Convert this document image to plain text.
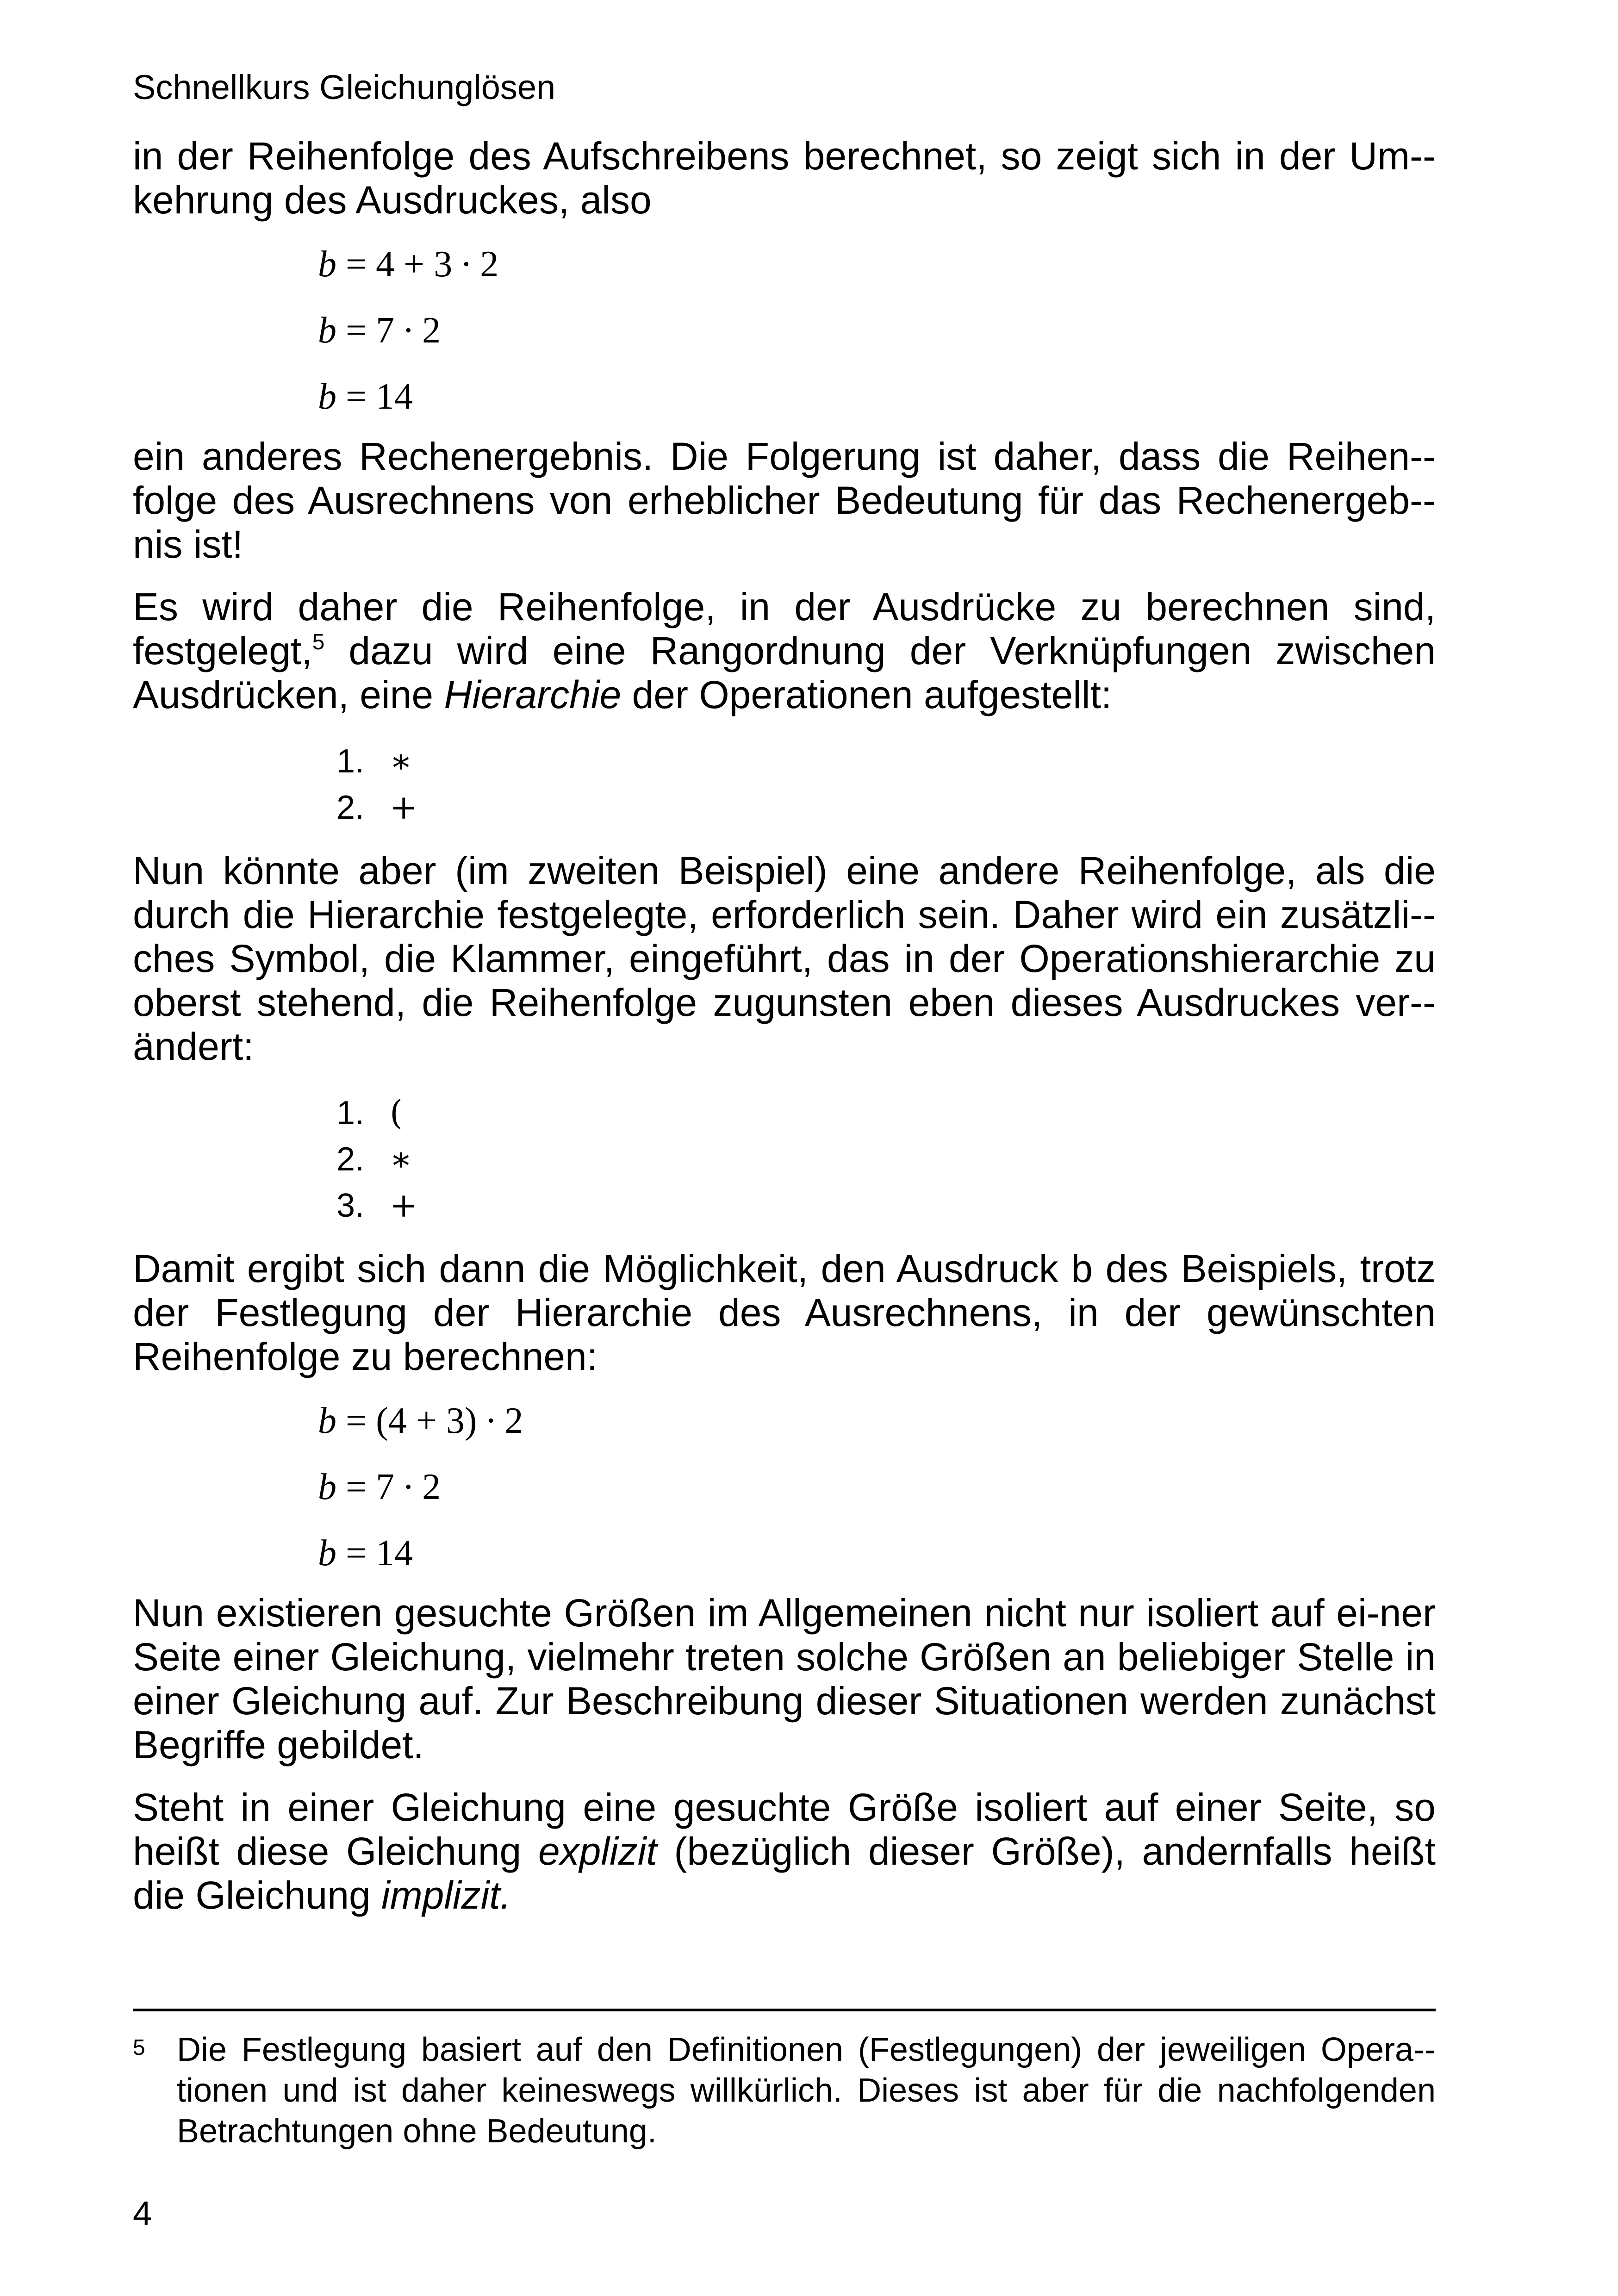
Schnellkurs Gleichunglösen

in der Reihenfolge des Aufschreibens berechnet, so zeigt sich in der Um-kehrung des Ausdruckes, also

b = 4 + 3 ∙ 2
b = 7 ∙ 2
b = 14

ein anderes Rechenergebnis. Die Folgerung ist daher, dass die Reihen-folge des Ausrechnens von erheblicher Bedeutung für das Rechenergeb-nis ist!

Es wird daher die Reihenfolge, in der Ausdrücke zu berechnen sind, festgelegt,$^5$ dazu wird eine Rangordnung der Verknüpfungen zwischen Ausdrücken, eine Hierarchie der Operationen aufgestellt:

1. ∗
2. +

Nun könnte aber (im zweiten Beispiel) eine andere Reihenfolge, als die durch die Hierarchie festgelegte, erforderlich sein. Daher wird ein zusätzli-ches Symbol, die Klammer, eingeführt, das in der Operationshierarchie zu oberst stehend, die Reihenfolge zugunsten eben dieses Ausdruckes ver-ändert:

1. (
2. ∗
3. +

Damit ergibt sich dann die Möglichkeit, den Ausdruck b des Beispiels, trotz der Festlegung der Hierarchie des Ausrechnens, in der gewünschten Reihenfolge zu berechnen:

b = (4 + 3) ∙ 2
b = 7 ∙ 2
b = 14

Nun existieren gesuchte Größen im Allgemeinen nicht nur isoliert auf ei-ner Seite einer Gleichung, vielmehr treten solche Größen an beliebiger Stelle in einer Gleichung auf. Zur Beschreibung dieser Situationen werden zunächst Begriffe gebildet.

Steht in einer Gleichung eine gesuchte Größe isoliert auf einer Seite, so heißt diese Gleichung explizit (bezüglich dieser Größe), andernfalls heißt die Gleichung implizit.

5 Die Festlegung basiert auf den Definitionen (Festlegungen) der jeweiligen Opera-tionen und ist daher keineswegs willkürlich. Dieses ist aber für die nachfolgenden Betrachtungen ohne Bedeutung.
4
